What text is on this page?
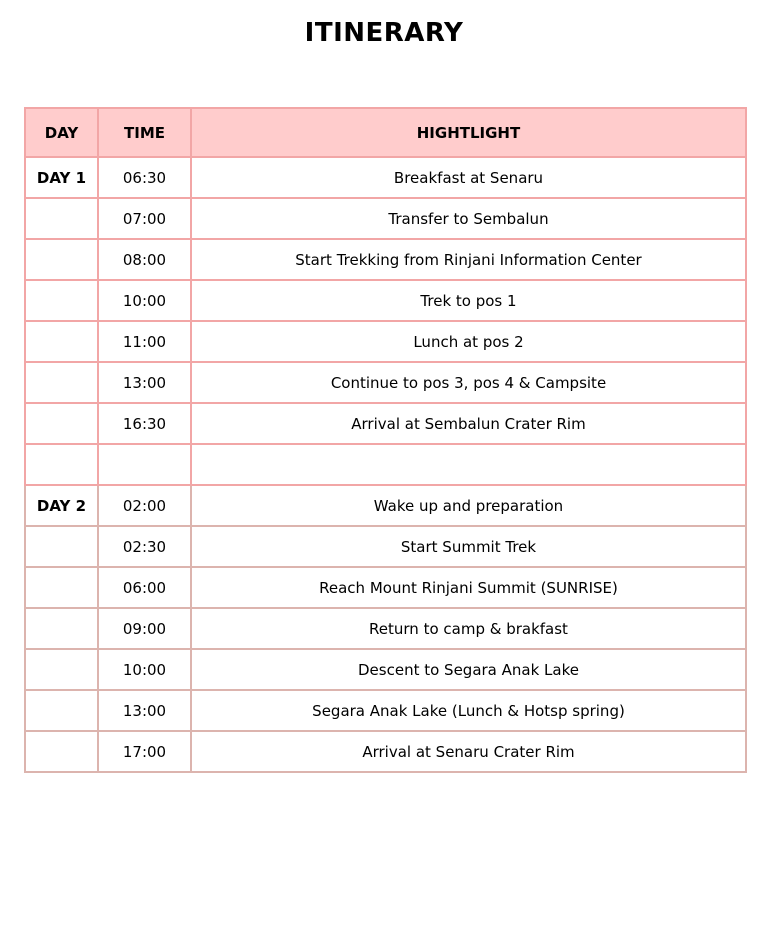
ITINERARY
DAY	TIME	HIGHTLIGHT
DAY 1	06:30	Breakfast at Senaru
	07:00	Transfer to Sembalun
	08:00	Start Trekking from Rinjani Information Center
	10:00	Trek to pos 1
	11:00	Lunch at pos 2
	13:00	Continue to pos 3, pos 4 & Campsite
	16:30	Arrival at Sembalun Crater Rim

DAY 2	02:00	Wake up and preparation
	02:30	Start Summit Trek
	06:00	Reach Mount Rinjani Summit (SUNRISE)
	09:00	Return to camp & brakfast
	10:00	Descent to Segara Anak Lake
	13:00	Segara Anak Lake (Lunch & Hotsp spring)
	17:00	Arrival at Senaru Crater Rim
